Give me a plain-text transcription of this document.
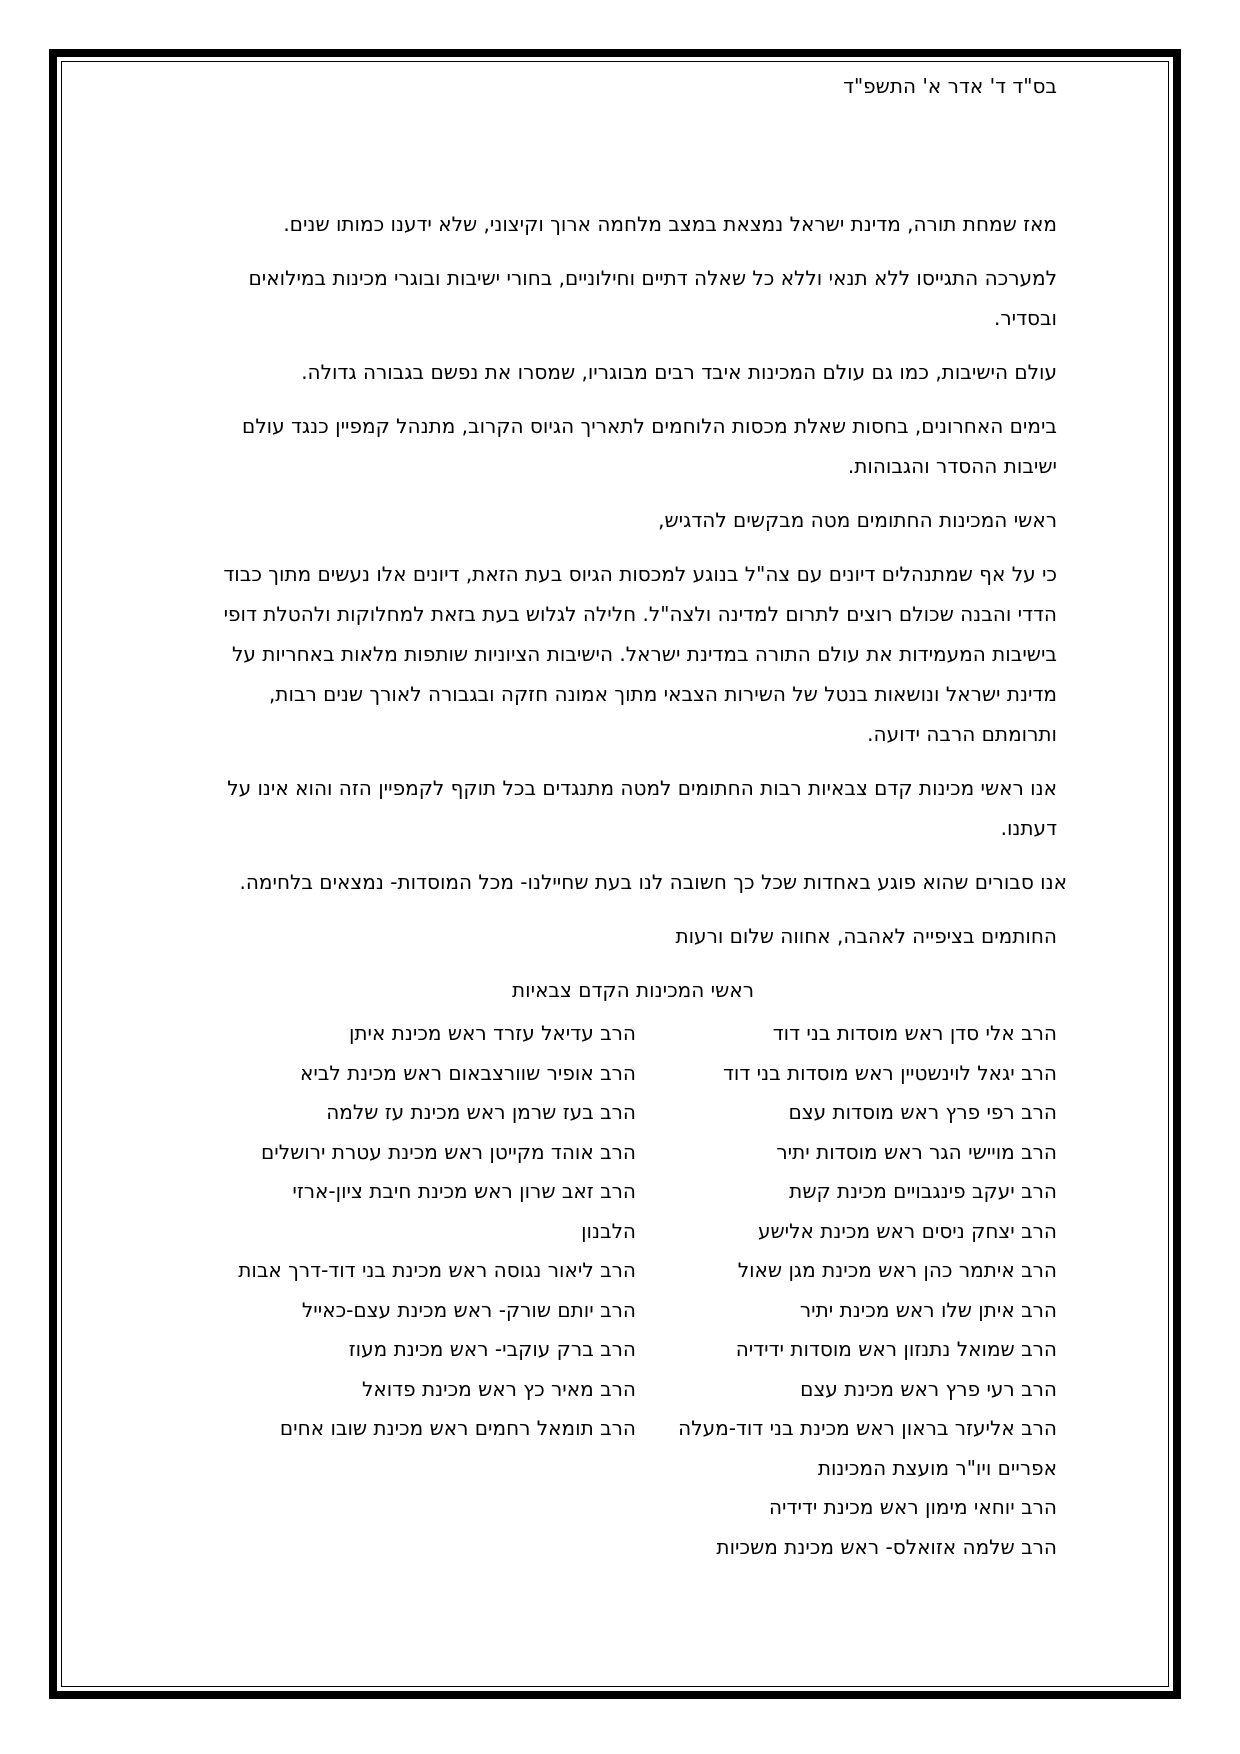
בס"ד ד' אדר א' התשפ"ד

מאז שמחת תורה, מדינת ישראל נמצאת במצב מלחמה ארוך וקיצוני, שלא ידענו כמותו שנים.

למערכה התגייסו ללא תנאי וללא כל שאלה דתיים וחילוניים, בחורי ישיבות ובוגרי מכינות במילואים ובסדיר.

עולם הישיבות, כמו גם עולם המכינות איבד רבים מבוגריו, שמסרו את נפשם בגבורה גדולה.

בימים האחרונים, בחסות שאלת מכסות הלוחמים לתאריך הגיוס הקרוב, מתנהל קמפיין כנגד עולם ישיבות ההסדר והגבוהות.

ראשי המכינות החתומים מטה מבקשים להדגיש,

כי על אף שמתנהלים דיונים עם צה"ל בנוגע למכסות הגיוס בעת הזאת, דיונים אלו נעשים מתוך כבוד הדדי והבנה שכולם רוצים לתרום למדינה ולצה"ל. חלילה לגלוש בעת בזאת למחלוקות ולהטלת דופי בישיבות המעמידות את עולם התורה במדינת ישראל. הישיבות הציוניות שותפות מלאות באחריות על מדינת ישראל ונושאות בנטל של השירות הצבאי מתוך אמונה חזקה ובגבורה לאורך שנים רבות, ותרומתם הרבה ידועה.

אנו ראשי מכינות קדם צבאיות רבות החתומים למטה מתנגדים בכל תוקף לקמפיין הזה והוא אינו על דעתנו.

אנו סבורים שהוא פוגע באחדות שכל כך חשובה לנו בעת שחיילנו- מכל המוסדות- נמצאים בלחימה.

החותמים בציפייה לאהבה, אחווה שלום ורעות

ראשי המכינות הקדם צבאיות
הרב אלי סדן ראש מוסדות בני דוד
הרב יגאל לוינשטיין ראש מוסדות בני דוד
הרב רפי פרץ ראש מוסדות עצם
הרב מויישי הגר ראש מוסדות יתיר
הרב יעקב פינגבויים מכינת קשת
הרב יצחק ניסים ראש מכינת אלישע
הרב איתמר כהן ראש מכינת מגן שאול
הרב איתן שלו ראש מכינת יתיר
הרב שמואל נתנזון ראש מוסדות ידידיה
הרב רעי פרץ ראש מכינת עצם
הרב אליעזר בראון ראש מכינת בני דוד-מעלה אפריים ויו"ר מועצת המכינות
הרב יוחאי מימון ראש מכינת ידידיה
הרב שלמה אזואלס- ראש מכינת משכיות
הרב עדיאל עזרד ראש מכינת איתן
הרב אופיר שוורצבאום ראש מכינת לביא
הרב בעז שרמן ראש מכינת עז שלמה
הרב אוהד מקייטן ראש מכינת עטרת ירושלים
הרב זאב שרון ראש מכינת חיבת ציון-ארזי הלבנון
הרב ליאור נגוסה ראש מכינת בני דוד-דרך אבות
הרב יותם שורק- ראש מכינת עצם-כאייל
הרב ברק עוקבי- ראש מכינת מעוז
הרב מאיר כץ ראש מכינת פדואל
הרב תומאל רחמים ראש מכינת שובו אחים
